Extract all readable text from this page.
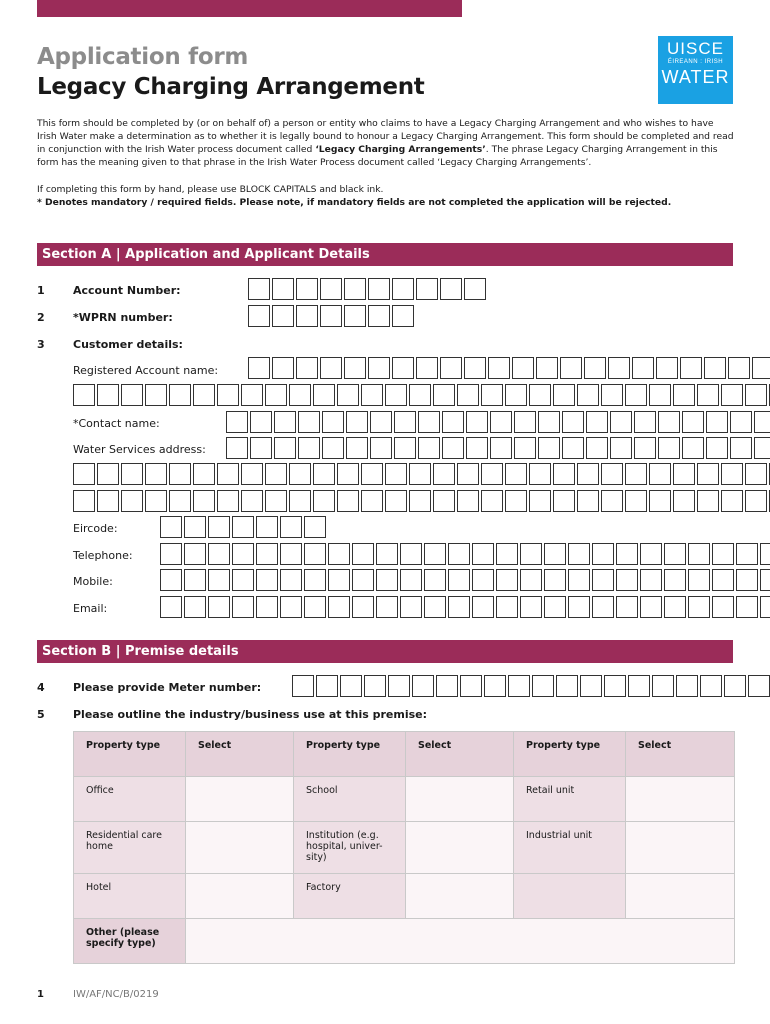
Application form
Legacy Charging Arrangement
UISCE
ÉIREANN : IRISH
WATER

This form should be completed by (or on behalf of) a person or entity who claims to have a Legacy Charging Arrangement and who wishes to have Irish Water make a determination as to whether it is legally bound to honour a Legacy Charging Arrangement. This form should be completed and read in conjunction with the Irish Water process document called ‘Legacy Charging Arrangements’. The phrase Legacy Charging Arrangement in this form has the meaning given to that phrase in the Irish Water Process document called ‘Legacy Charging Arrangements’.

If completing this form by hand, please use BLOCK CAPITALS and black ink.

* Denotes mandatory / required fields. Please note, if mandatory fields are not completed the application will be rejected.

Section A | Application and Applicant Details
1	Account Number:
2	*WPRN number:
3	Customer details:
Registered Account name:
*Contact name:
Water Services address:
Eircode:
Telephone:
Mobile:
Email:
Section B | Premise details
4	Please provide Meter number:
5	Please outline the industry/business use at this premise:
Property type	Select	Property type	Select	Property type	Select
Office		School		Retail unit	
Residential care home		Institution (e.g. hospital, univer-sity)		Industrial unit	
Hotel		Factory			
Other (please specify type)					
1	IW/AF/NC/B/0219
